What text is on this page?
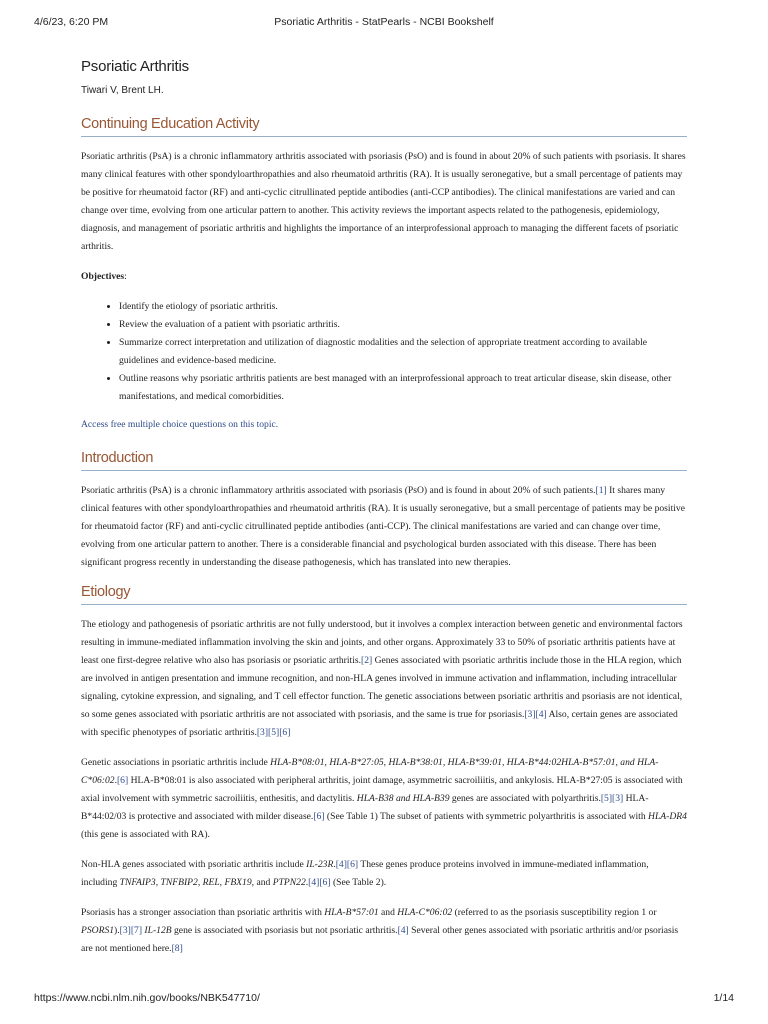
4/6/23, 6:20 PM	Psoriatic Arthritis - StatPearls - NCBI Bookshelf
Psoriatic Arthritis
Tiwari V, Brent LH.
Continuing Education Activity

Psoriatic arthritis (PsA) is a chronic inflammatory arthritis associated with psoriasis (PsO) and is found in about 20% of such patients with psoriasis. It shares many clinical features with other spondyloarthropathies and also rheumatoid arthritis (RA). It is usually seronegative, but a small percentage of patients may be positive for rheumatoid factor (RF) and anti-cyclic citrullinated peptide antibodies (anti-CCP antibodies). The clinical manifestations are varied and can change over time, evolving from one articular pattern to another. This activity reviews the important aspects related to the pathogenesis, epidemiology, diagnosis, and management of psoriatic arthritis and highlights the importance of an interprofessional approach to managing the different facets of psoriatic arthritis.

Objectives:

• Identify the etiology of psoriatic arthritis.
• Review the evaluation of a patient with psoriatic arthritis.
• Summarize correct interpretation and utilization of diagnostic modalities and the selection of appropriate treatment according to available guidelines and evidence-based medicine.
• Outline reasons why psoriatic arthritis patients are best managed with an interprofessional approach to treat articular disease, skin disease, other manifestations, and medical comorbidities.
Access free multiple choice questions on this topic.
Introduction

Psoriatic arthritis (PsA) is a chronic inflammatory arthritis associated with psoriasis (PsO) and is found in about 20% of such patients.[1] It shares many clinical features with other spondyloarthropathies and rheumatoid arthritis (RA). It is usually seronegative, but a small percentage of patients may be positive for rheumatoid factor (RF) and anti-cyclic citrullinated peptide antibodies (anti-CCP). The clinical manifestations are varied and can change over time, evolving from one articular pattern to another. There is a considerable financial and psychological burden associated with this disease. There has been significant progress recently in understanding the disease pathogenesis, which has translated into new therapies.

Etiology

The etiology and pathogenesis of psoriatic arthritis are not fully understood, but it involves a complex interaction between genetic and environmental factors resulting in immune-mediated inflammation involving the skin and joints, and other organs. Approximately 33 to 50% of psoriatic arthritis patients have at least one first-degree relative who also has psoriasis or psoriatic arthritis.[2] Genes associated with psoriatic arthritis include those in the HLA region, which are involved in antigen presentation and immune recognition, and non-HLA genes involved in immune activation and inflammation, including intracellular signaling, cytokine expression, and signaling, and T cell effector function. The genetic associations between psoriatic arthritis and psoriasis are not identical, so some genes associated with psoriatic arthritis are not associated with psoriasis, and the same is true for psoriasis.[3][4] Also, certain genes are associated with specific phenotypes of psoriatic arthritis.[3][5][6]

Genetic associations in psoriatic arthritis include HLA-B*08:01, HLA-B*27:05, HLA-B*38:01, HLA-B*39:01, HLA-B*44:02HLA-B*57:01, and HLA-C*06:02.[6] HLA-B*08:01 is also associated with peripheral arthritis, joint damage, asymmetric sacroiliitis, and ankylosis. HLA-B*27:05 is associated with axial involvement with symmetric sacroiliitis, enthesitis, and dactylitis. HLA-B38 and HLA-B39 genes are associated with polyarthritis.[5][3] HLA-B*44:02/03 is protective and associated with milder disease.[6] (See Table 1) The subset of patients with symmetric polyarthritis is associated with HLA-DR4 (this gene is associated with RA).

Non-HLA genes associated with psoriatic arthritis include IL-23R.[4][6] These genes produce proteins involved in immune-mediated inflammation, including TNFAIP3, TNFBIP2, REL, FBX19, and PTPN22.[4][6] (See Table 2).

Psoriasis has a stronger association than psoriatic arthritis with HLA-B*57:01 and HLA-C*06:02 (referred to as the psoriasis susceptibility region 1 or PSORS1).[3][7] IL-12B gene is associated with psoriasis but not psoriatic arthritis.[4] Several other genes associated with psoriatic arthritis and/or psoriasis are not mentioned here.[8]

https://www.ncbi.nlm.nih.gov/books/NBK547710/	1/14
